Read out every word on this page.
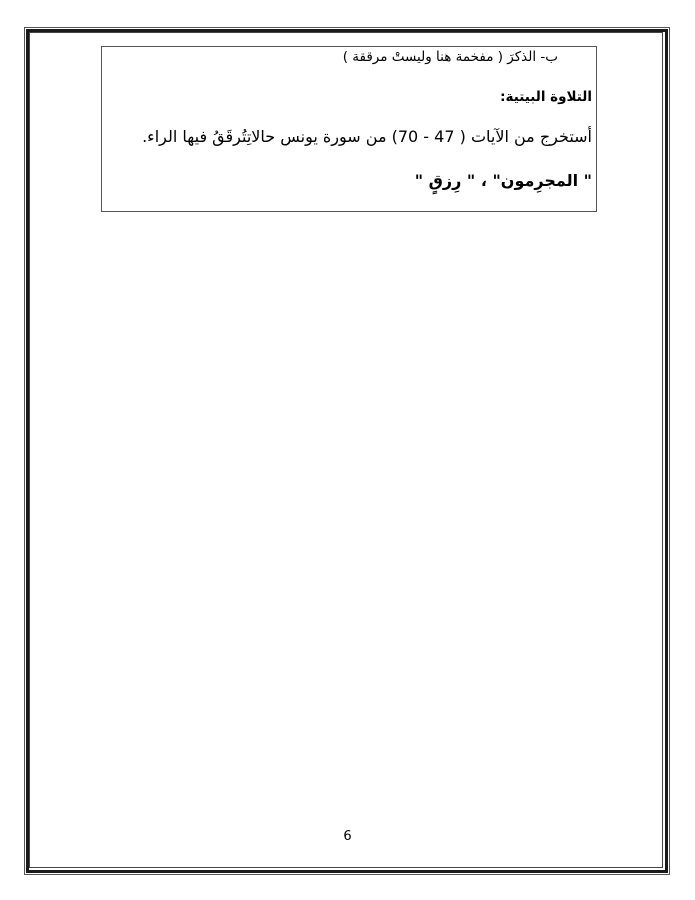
ب- الذكرَ ( مفخمة هنا وليستْ مرققة )
التلاوة البيتية:
أستخرج من الآيات ( 47 - 70) من سورة يونس حالاتِتُرقَقُ فيها الراء.
" المجرِمون" ، " رِزقٍ "
6
